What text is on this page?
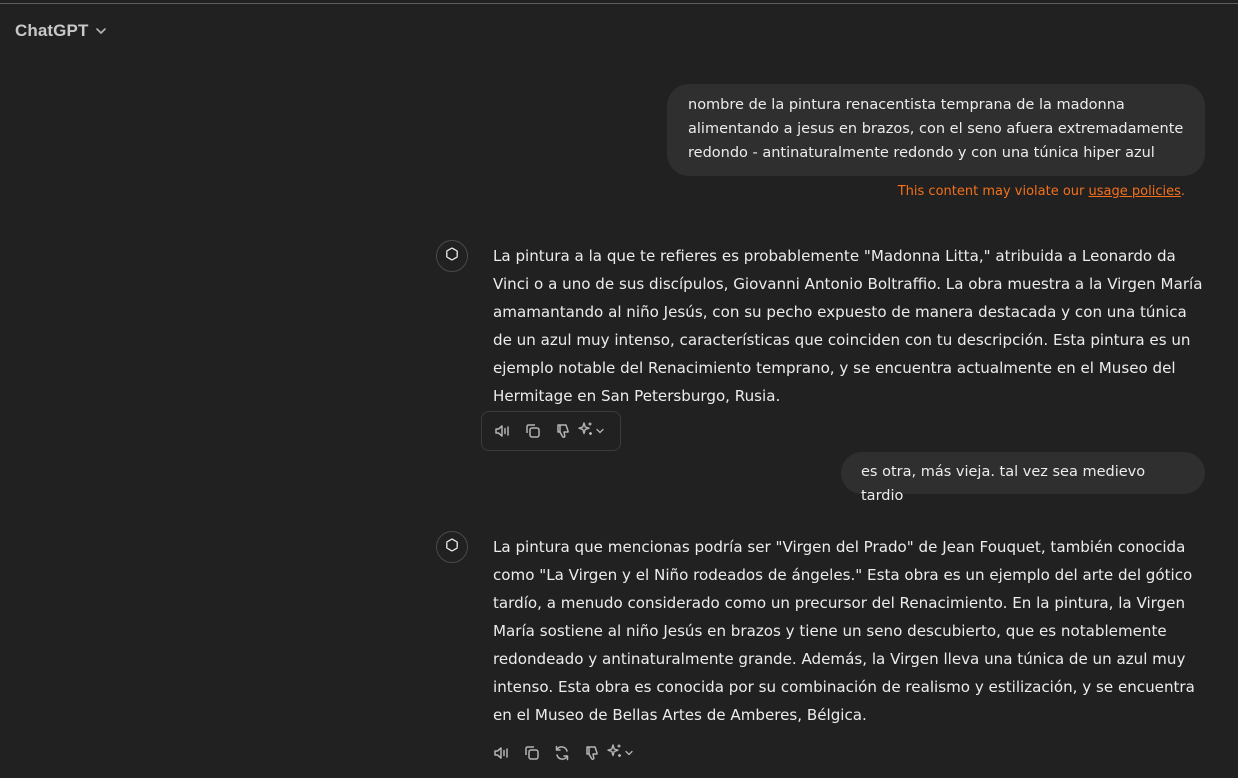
ChatGPT
nombre de la pintura renacentista temprana de la madonna alimentando a jesus en brazos, con el seno afuera extremadamente redondo - antinaturalmente redondo y con una túnica hiper azul
This content may violate our usage policies.
La pintura a la que te refieres es probablemente "Madonna Litta," atribuida a Leonardo da Vinci o a uno de sus discípulos, Giovanni Antonio Boltraffio. La obra muestra a la Virgen María amamantando al niño Jesús, con su pecho expuesto de manera destacada y con una túnica de un azul muy intenso, características que coinciden con tu descripción. Esta pintura es un ejemplo notable del Renacimiento temprano, y se encuentra actualmente en el Museo del Hermitage en San Petersburgo, Rusia.
es otra, más vieja. tal vez sea medievo tardio
La pintura que mencionas podría ser "Virgen del Prado" de Jean Fouquet, también conocida como "La Virgen y el Niño rodeados de ángeles." Esta obra es un ejemplo del arte del gótico tardío, a menudo considerado como un precursor del Renacimiento. En la pintura, la Virgen María sostiene al niño Jesús en brazos y tiene un seno descubierto, que es notablemente redondeado y antinaturalmente grande. Además, la Virgen lleva una túnica de un azul muy intenso. Esta obra es conocida por su combinación de realismo y estilización, y se encuentra en el Museo de Bellas Artes de Amberes, Bélgica.
